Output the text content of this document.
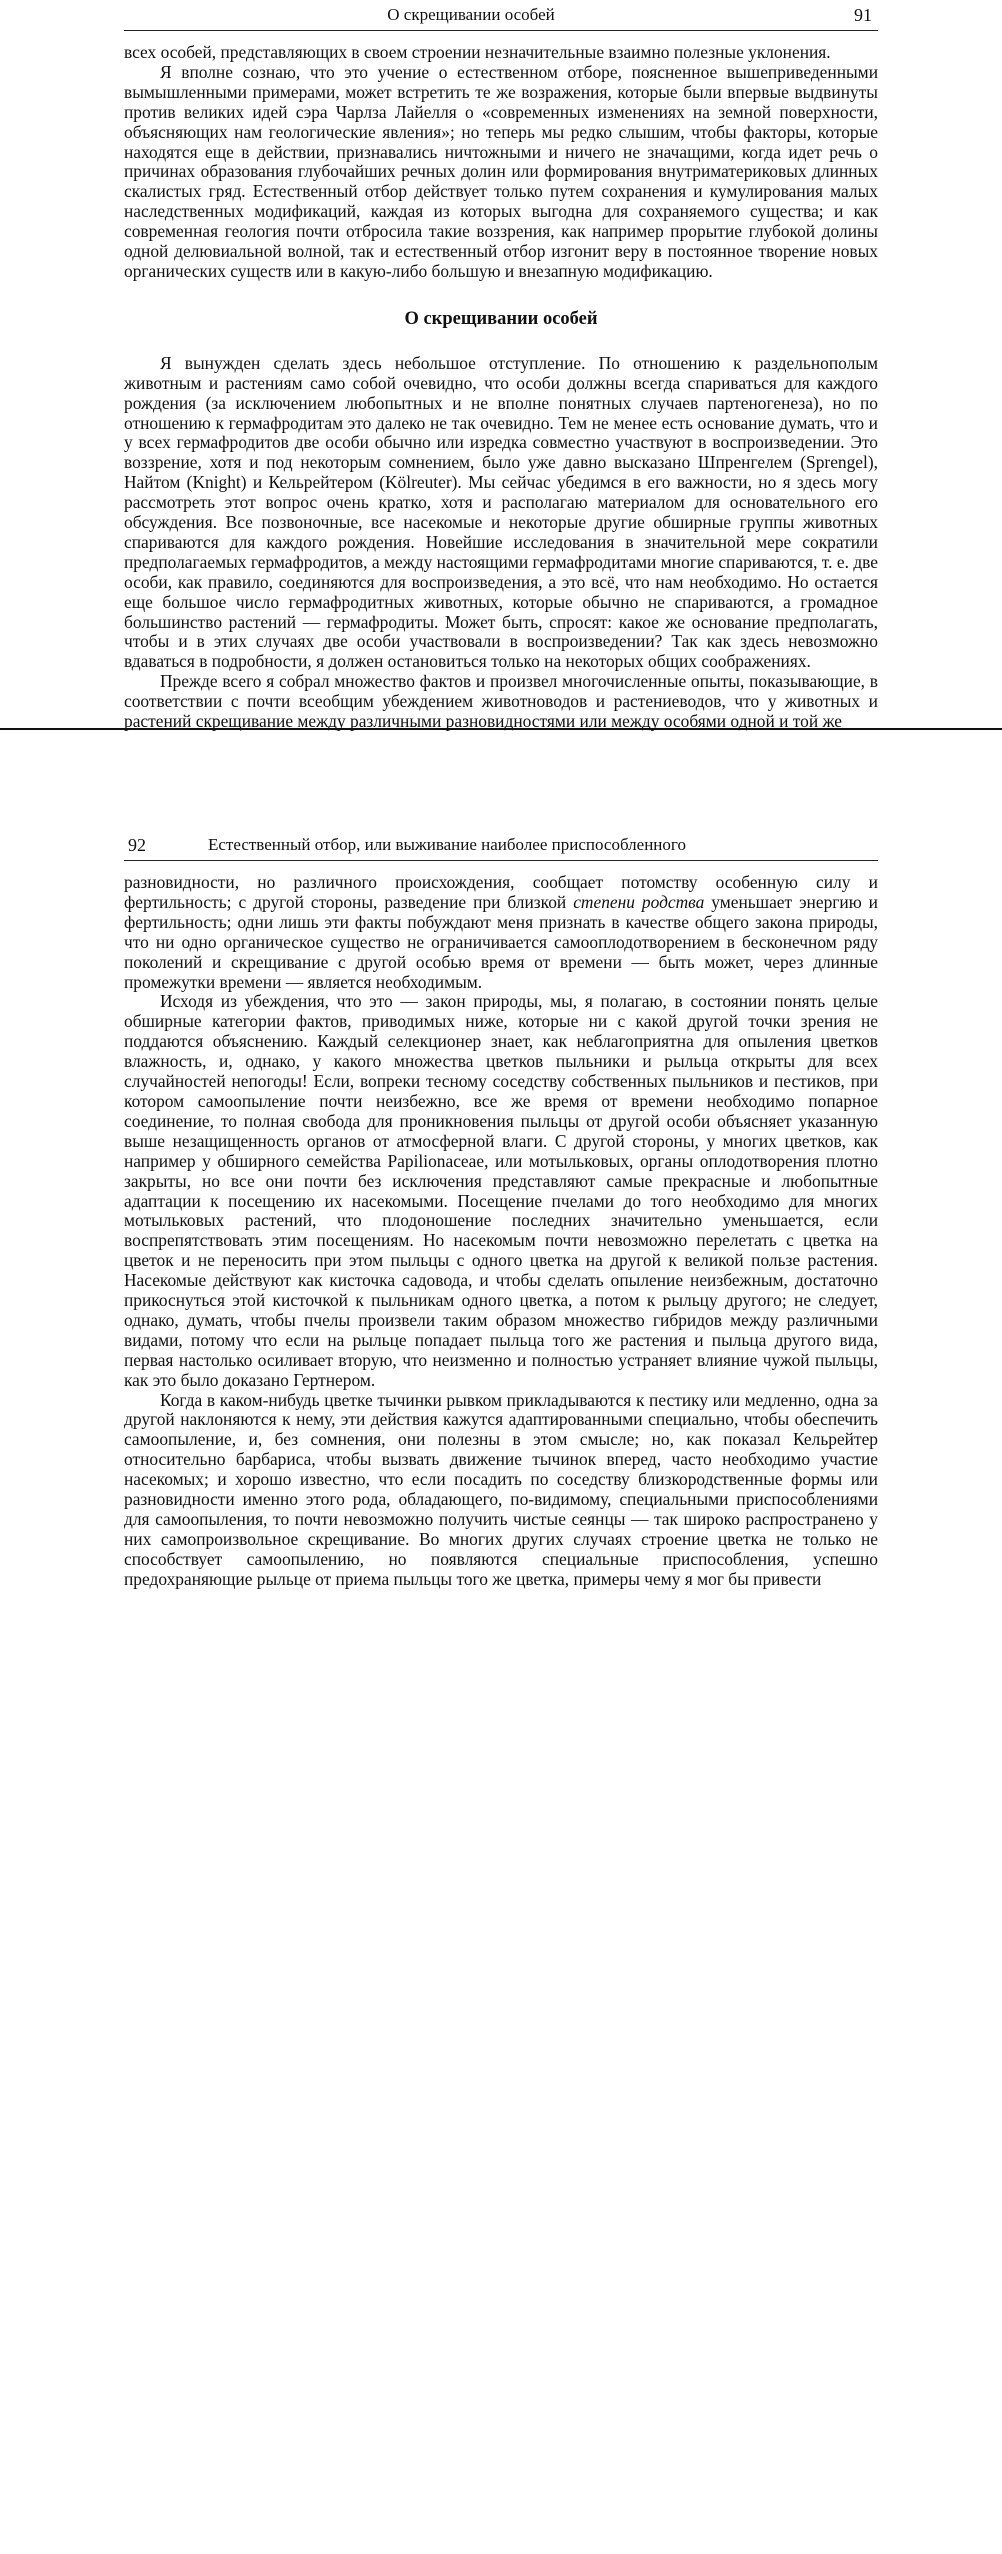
О скрещивании особей	91

всех особей, представляющих в своем строении незначительные взаимно полезные уклонения.

Я вполне сознаю, что это учение о естественном отборе, поясненное вышеприведенными вымышленными примерами, может встретить те же возражения, которые были впервые выдвинуты против великих идей сэра Чарлза Лайелля о «современных изменениях на земной поверхности, объясняющих нам геологические явления»; но теперь мы редко слышим, чтобы факторы, которые находятся еще в действии, признавались ничтожными и ничего не значащими, когда идет речь о причинах образования глубочайших речных долин или формирования внутриматериковых длинных скалистых гряд. Естественный отбор действует только путем сохранения и кумулирования малых наследственных модификаций, каждая из которых выгодна для сохраняемого существа; и как современная геология почти отбросила такие воззрения, как например прорытие глубокой долины одной делювиальной волной, так и естественный отбор изгонит веру в постоянное творение новых органических существ или в какую-либо большую и внезапную модификацию.

О скрещивании особей

Я вынужден сделать здесь небольшое отступление. По отношению к раздельнополым животным и растениям само собой очевидно, что особи должны всегда спариваться для каждого рождения (за исключением любопытных и не вполне понятных случаев партеногенеза), но по отношению к гермафродитам это далеко не так очевидно. Тем не менее есть основание думать, что и у всех гермафродитов две особи обычно или изредка совместно участвуют в воспроизведении. Это воззрение, хотя и под некоторым сомнением, было уже давно высказано Шпренгелем (Sprengel), Найтом (Knight) и Кельрейтером (Kölreuter). Мы сейчас убедимся в его важности, но я здесь могу рассмотреть этот вопрос очень кратко, хотя и располагаю материалом для основательного его обсуждения. Все позвоночные, все насекомые и некоторые другие обширные группы животных спариваются для каждого рождения. Новейшие исследования в значительной мере сократили предполагаемых гермафродитов, а между настоящими гермафродитами многие спариваются, т. е. две особи, как правило, соединяются для воспроизведения, а это всё, что нам необходимо. Но остается еще большое число гермафродитных животных, которые обычно не спариваются, а громадное большинство растений — гермафродиты. Может быть, спросят: какое же основание предполагать, чтобы и в этих случаях две особи участвовали в воспроизведении? Так как здесь невозможно вдаваться в подробности, я должен остановиться только на некоторых общих соображениях.

Прежде всего я собрал множество фактов и произвел многочисленные опыты, показывающие, в соответствии с почти всеобщим убеждением животноводов и растениеводов, что у животных и растений скрещивание между различными разновидностями или между особями одной и той же

92	Естественный отбор, или выживание наиболее приспособленного

разновидности, но различного происхождения, сообщает потомству особенную силу и фертильность; с другой стороны, разведение при близкой степени родства уменьшает энергию и фертильность; одни лишь эти факты побуждают меня признать в качестве общего закона природы, что ни одно органическое существо не ограничивается самооплодотворением в бесконечном ряду поколений и скрещивание с другой особью время от времени — быть может, через длинные промежутки времени — является необходимым.

Исходя из убеждения, что это — закон природы, мы, я полагаю, в состоянии понять целые обширные категории фактов, приводимых ниже, которые ни с какой другой точки зрения не поддаются объяснению. Каждый селекционер знает, как неблагоприятна для опыления цветков влажность, и, однако, у какого множества цветков пыльники и рыльца открыты для всех случайностей непогоды! Если, вопреки тесному соседству собственных пыльников и пестиков, при котором самоопыление почти неизбежно, все же время от времени необходимо попарное соединение, то полная свобода для проникновения пыльцы от другой особи объясняет указанную выше незащищенность органов от атмосферной влаги. С другой стороны, у многих цветков, как например у обширного семейства Papilionaceae, или мотыльковых, органы оплодотворения плотно закрыты, но все они почти без исключения представляют самые прекрасные и любопытные адаптации к посещению их насекомыми. Посещение пчелами до того необходимо для многих мотыльковых растений, что плодоношение последних значительно уменьшается, если воспрепятствовать этим посещениям. Но насекомым почти невозможно перелетать с цветка на цветок и не переносить при этом пыльцы с одного цветка на другой к великой пользе растения. Насекомые действуют как кисточка садовода, и чтобы сделать опыление неизбежным, достаточно прикоснуться этой кисточкой к пыльникам одного цветка, а потом к рыльцу другого; не следует, однако, думать, чтобы пчелы произвели таким образом множество гибридов между различными видами, потому что если на рыльце попадает пыльца того же растения и пыльца другого вида, первая настолько осиливает вторую, что неизменно и полностью устраняет влияние чужой пыльцы, как это было доказано Гертнером.

Когда в каком-нибудь цветке тычинки рывком прикладываются к пестику или медленно, одна за другой наклоняются к нему, эти действия кажутся адаптированными специально, чтобы обеспечить самоопыление, и, без сомнения, они полезны в этом смысле; но, как показал Кельрейтер относительно барбариса, чтобы вызвать движение тычинок вперед, часто необходимо участие насекомых; и хорошо известно, что если посадить по соседству близкородственные формы или разновидности именно этого рода, обладающего, по-видимому, специальными приспособлениями для самоопыления, то почти невозможно получить чистые сеянцы — так широко распространено у них самопроизвольное скрещивание. Во многих других случаях строение цветка не только не способствует самоопылению, но появляются специальные приспособления, успешно предохраняющие рыльце от приема пыльцы того же цветка, примеры чему я мог бы привести
